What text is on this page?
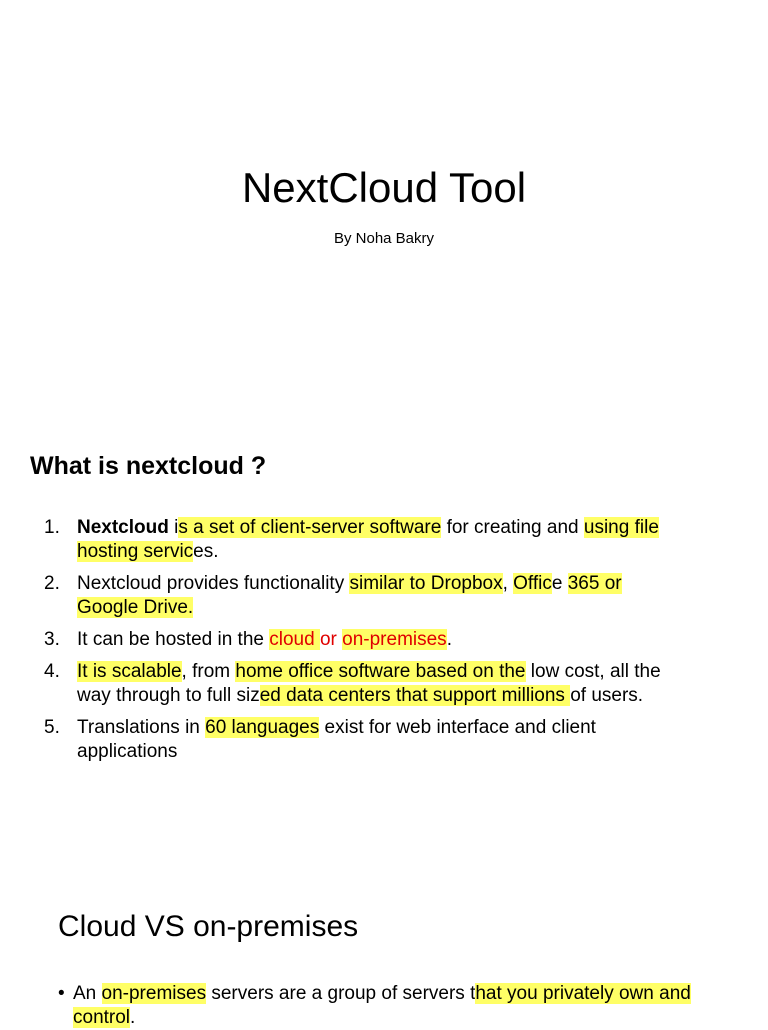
NextCloud Tool

By Noha Bakry

What is nextcloud ?
1. Nextcloud is a set of client-server software for creating and using file hosting services.
2. Nextcloud provides functionality similar to Dropbox, Office 365 or Google Drive.
3. It can be hosted in the cloud or on-premises.
4. It is scalable, from home office software based on the low cost, all the way through to full sized data centers that support millions of users.
5. Translations in 60 languages exist for web interface and client applications
Cloud VS on-premises
• An on-premises servers are a group of servers that you privately own and control.
